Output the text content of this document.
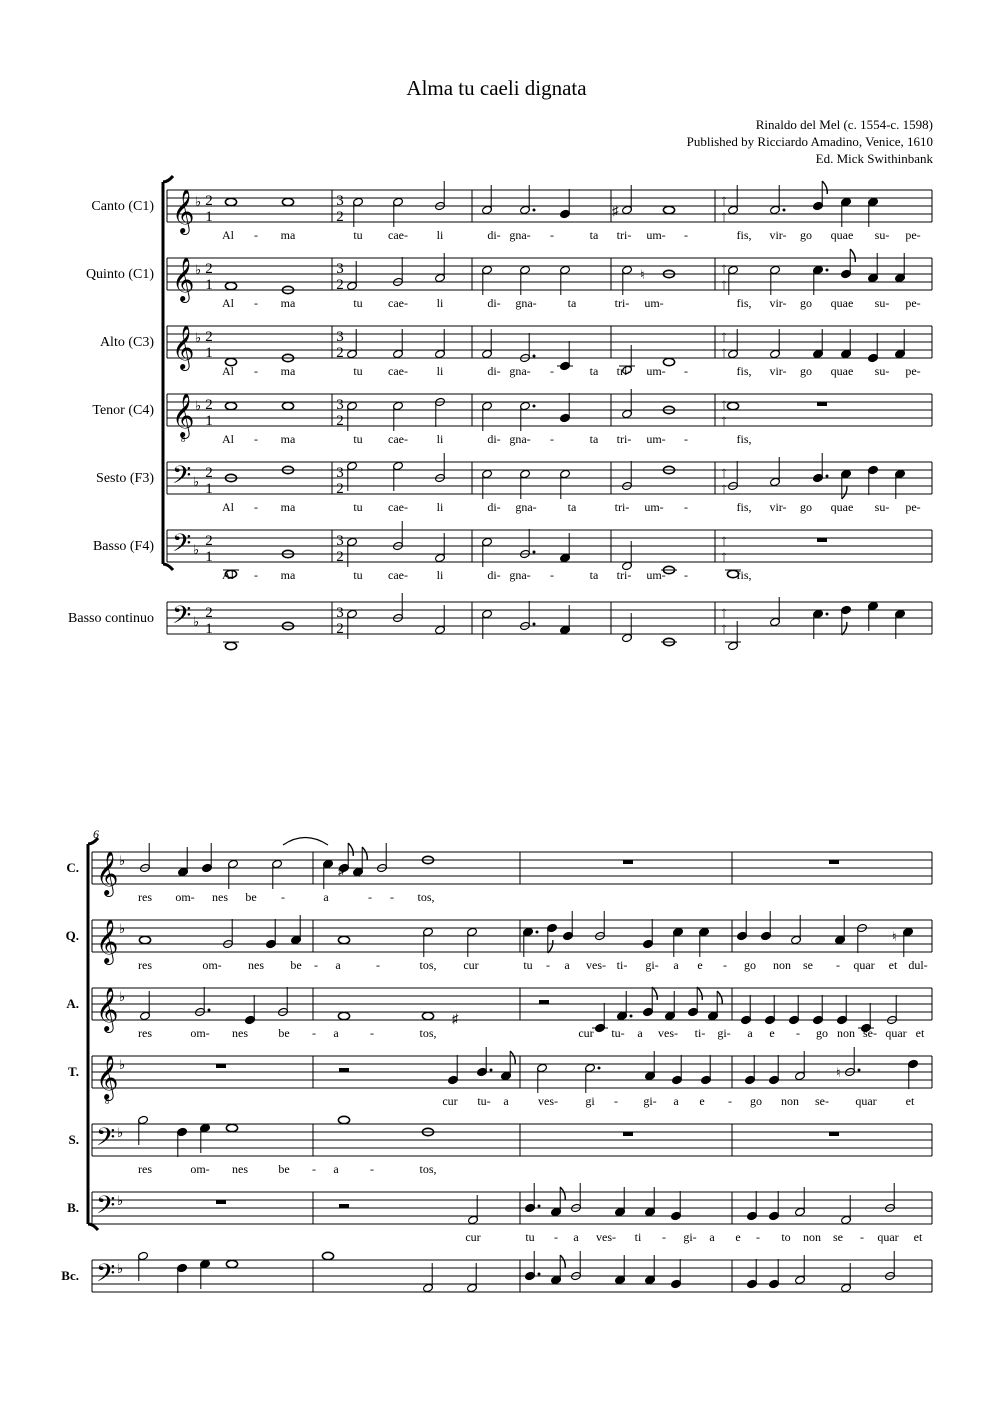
Alma tu caeli dignata
Rinaldo del Mel (c. 1554-c. 1598)
Published by Ricciardo Amadino, Venice, 1610
Ed. Mick Swithinbank
Canto (C1) 𝄞 ♭ 2
1
3
2
↑
↑
♯
Al - ma	tu cae- li	di- gna- -	ta tri- um- -	fis, vir- go quae su- pe-
Quinto (C1) 𝄞 ♭ 2
1
3
2
↑
↑
♮
Al - ma	tu cae- li	di- gna-	ta	tri- um-	fis, vir- go quae su- pe-
Alto (C3) 𝄞 ♭ 2
1
3
2
↑
↑
Al - ma	tu cae- li	di- gna- -	ta tri- um- -	fis, vir- go quae su- pe-
Tenor (C4) 𝄞
8
♭ 2
1
3
2
↑
↑
Al - ma	tu cae- li	di- gna- -	ta tri- um- -	fis,
Sesto (F3) 𝄢 ♭
2
1
3
2
↑
↑
Al - ma	tu cae- li	di- gna-	ta	tri- um- -	fis, vir- go quae su- pe-
Basso (F4) 𝄢 ♭
2
1
3
2
↑
↑
Al - ma	tu cae- li	di- gna- -	ta tri- um- -	fis,
Basso continuo 𝄢 ♭
2
1
3
2
↑
↑
6
C. 𝄞 ♭
♯ ♮
res om- nes be -	a	- - tos,
Q. 𝄞 ♭
♮
res	om- nes be - a	-	tos, cur	tu - a ves- ti- gi- a e - go non se - quar et dul-
A. 𝄞 ♭
♯
res	om- nes	be - a	-	tos,	cur tu- a ves- ti- gi- a e - go non se- quar et
T. 𝄞
8
♭
♮
cur tu- a ves- gi - gi- a e - go non se- quar et
S. 𝄢 ♭
res	om- nes	be - a	-	tos,
B. 𝄢 ♭
cur	tu - a ves- ti - gi- a e - to non se - quar et
Bc. 𝄢 ♭
